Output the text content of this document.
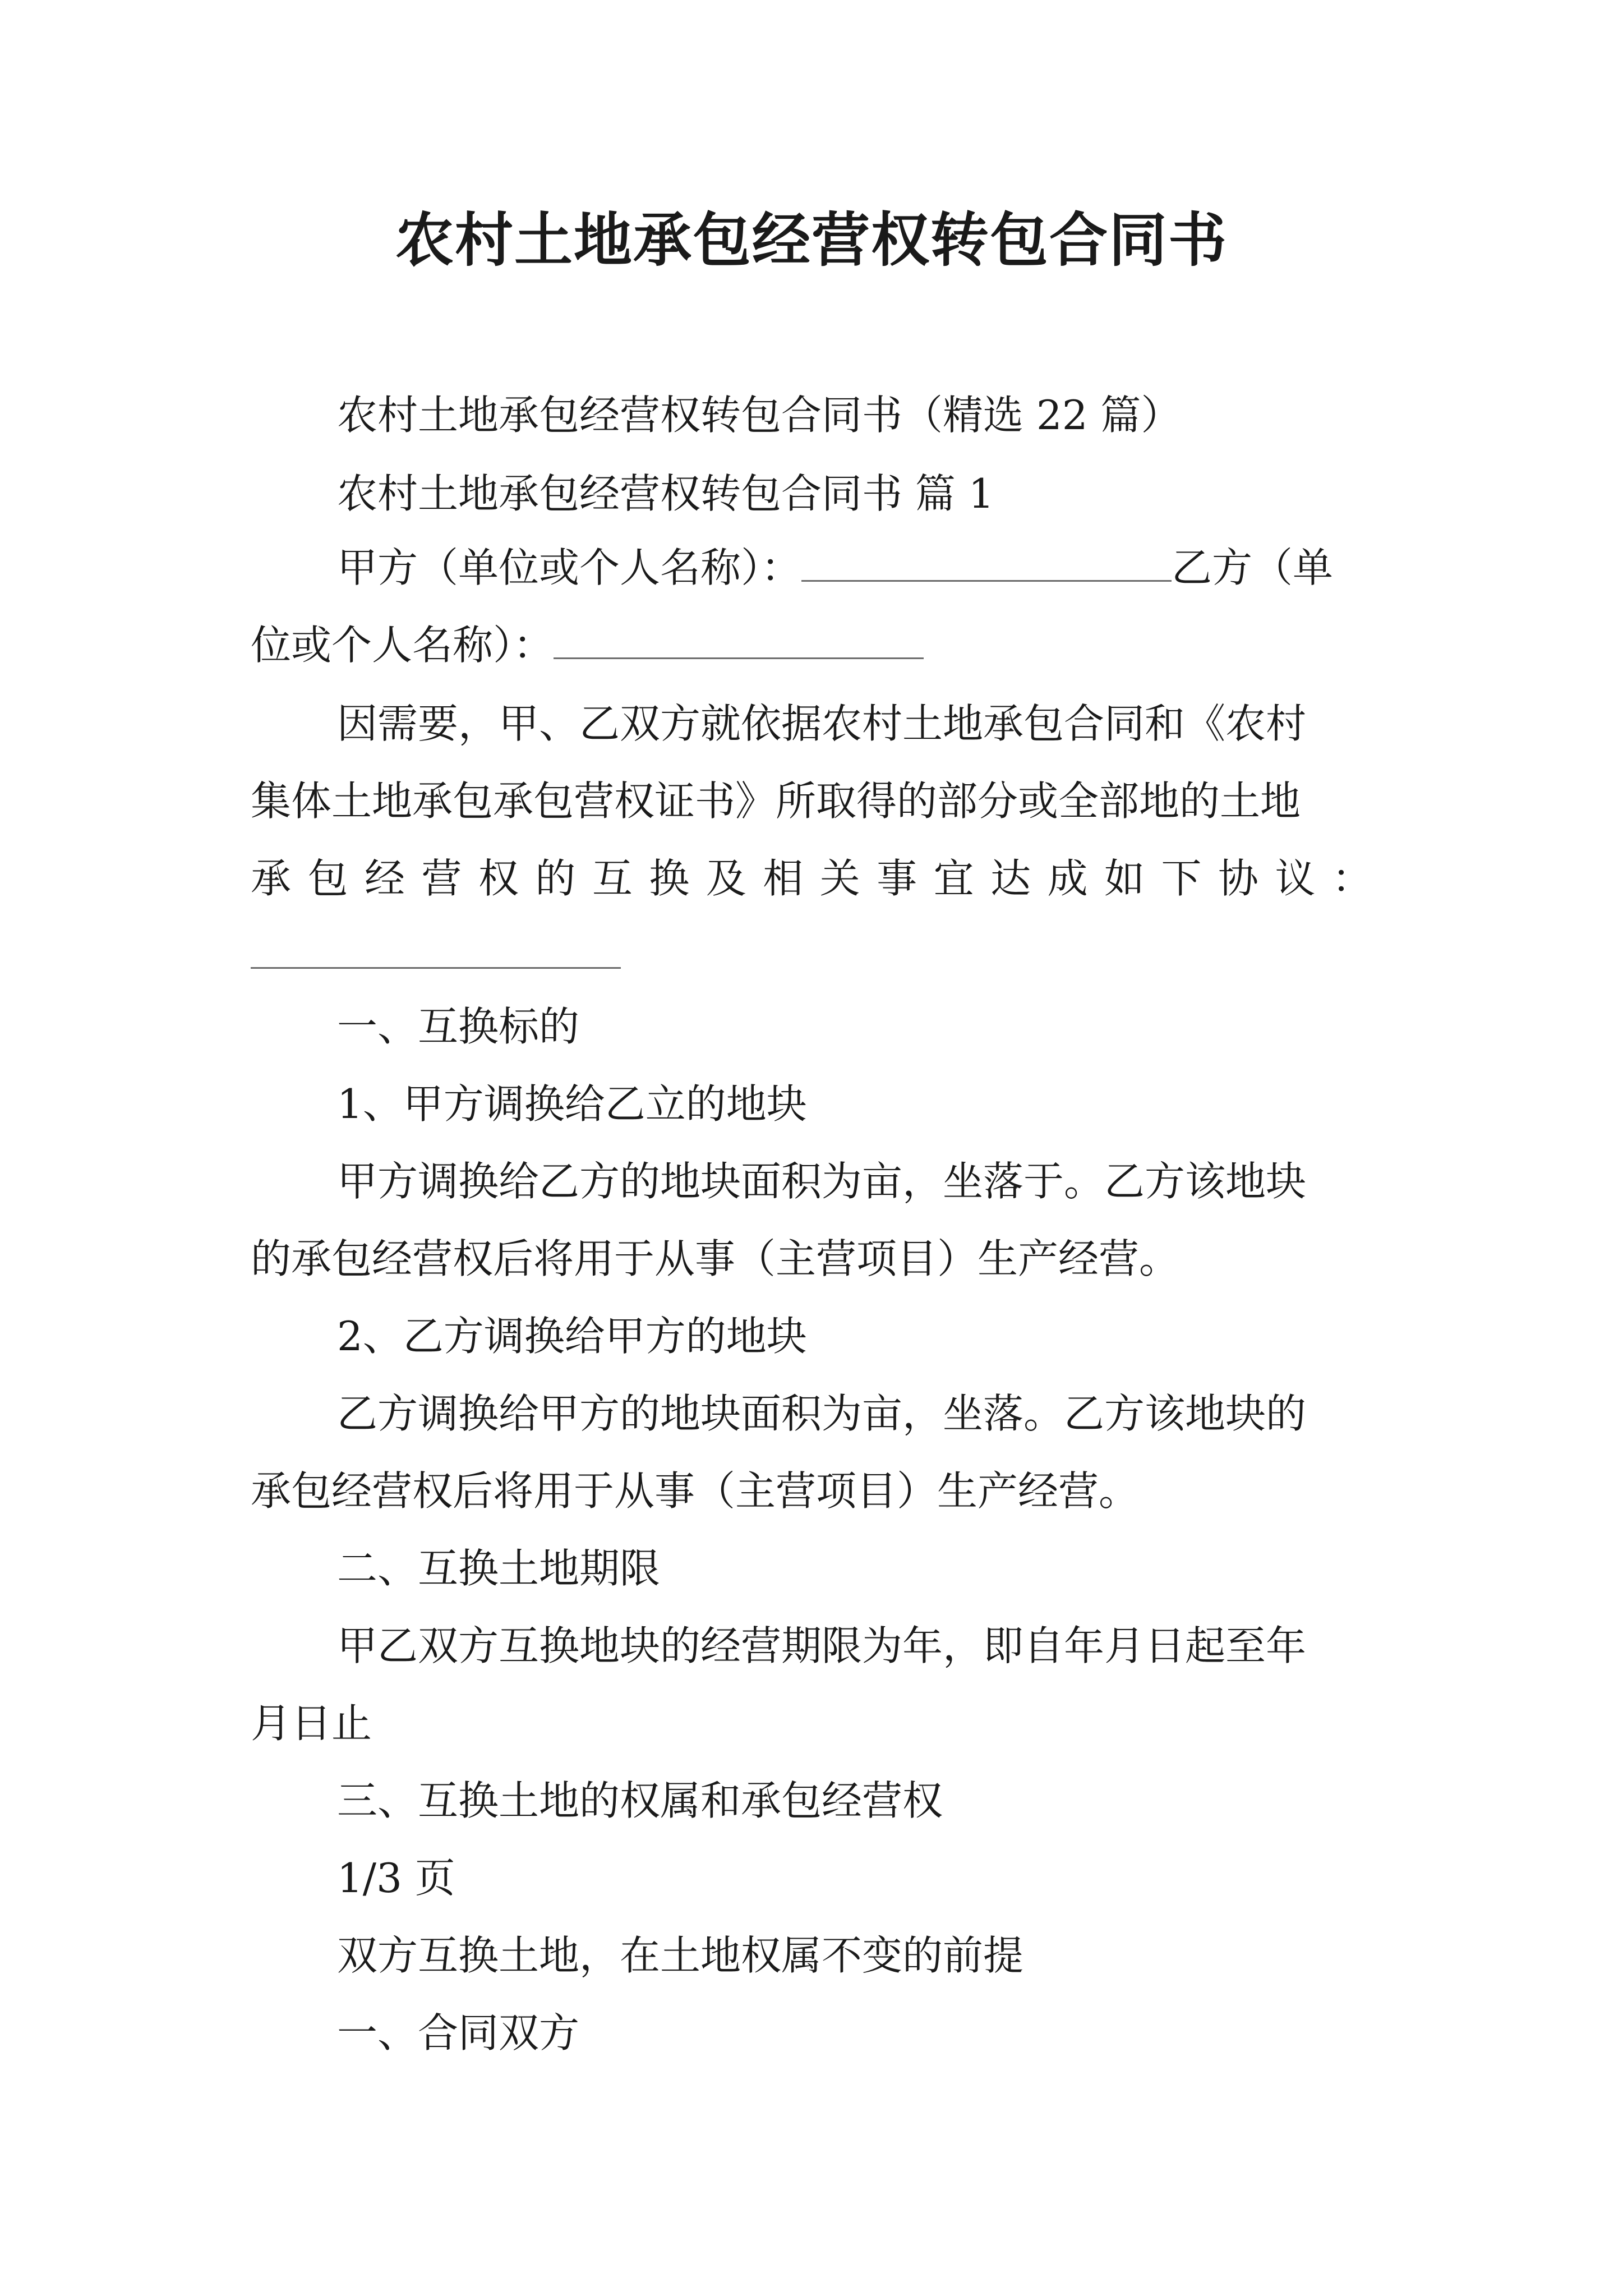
农村土地承包经营权转包合同书

农村土地承包经营权转包合同书（精选 22 篇）

农村土地承包经营权转包合同书 篇 1

甲方（单位或个人名称）：	乙方（单

位或个人名称）：

因需要，甲、乙双方就依据农村土地承包合同和《农村

集体土地承包承包营权证书》所取得的部分或全部地的土地

承 包 经 营 权 的 互 换 及 相 关 事 宜 达 成 如 下 协 议 ：

一、互换标的

1、甲方调换给乙立的地块

甲方调换给乙方的地块面积为亩，坐落于。乙方该地块

的承包经营权后将用于从事（主营项目）生产经营。

2、乙方调换给甲方的地块

乙方调换给甲方的地块面积为亩，坐落。乙方该地块的

承包经营权后将用于从事（主营项目）生产经营。

二、互换土地期限

甲乙双方互换地块的经营期限为年，即自年月日起至年

月日止

三、互换土地的权属和承包经营权

1/3 页

双方互换土地，在土地权属不变的前提

一、合同双方
